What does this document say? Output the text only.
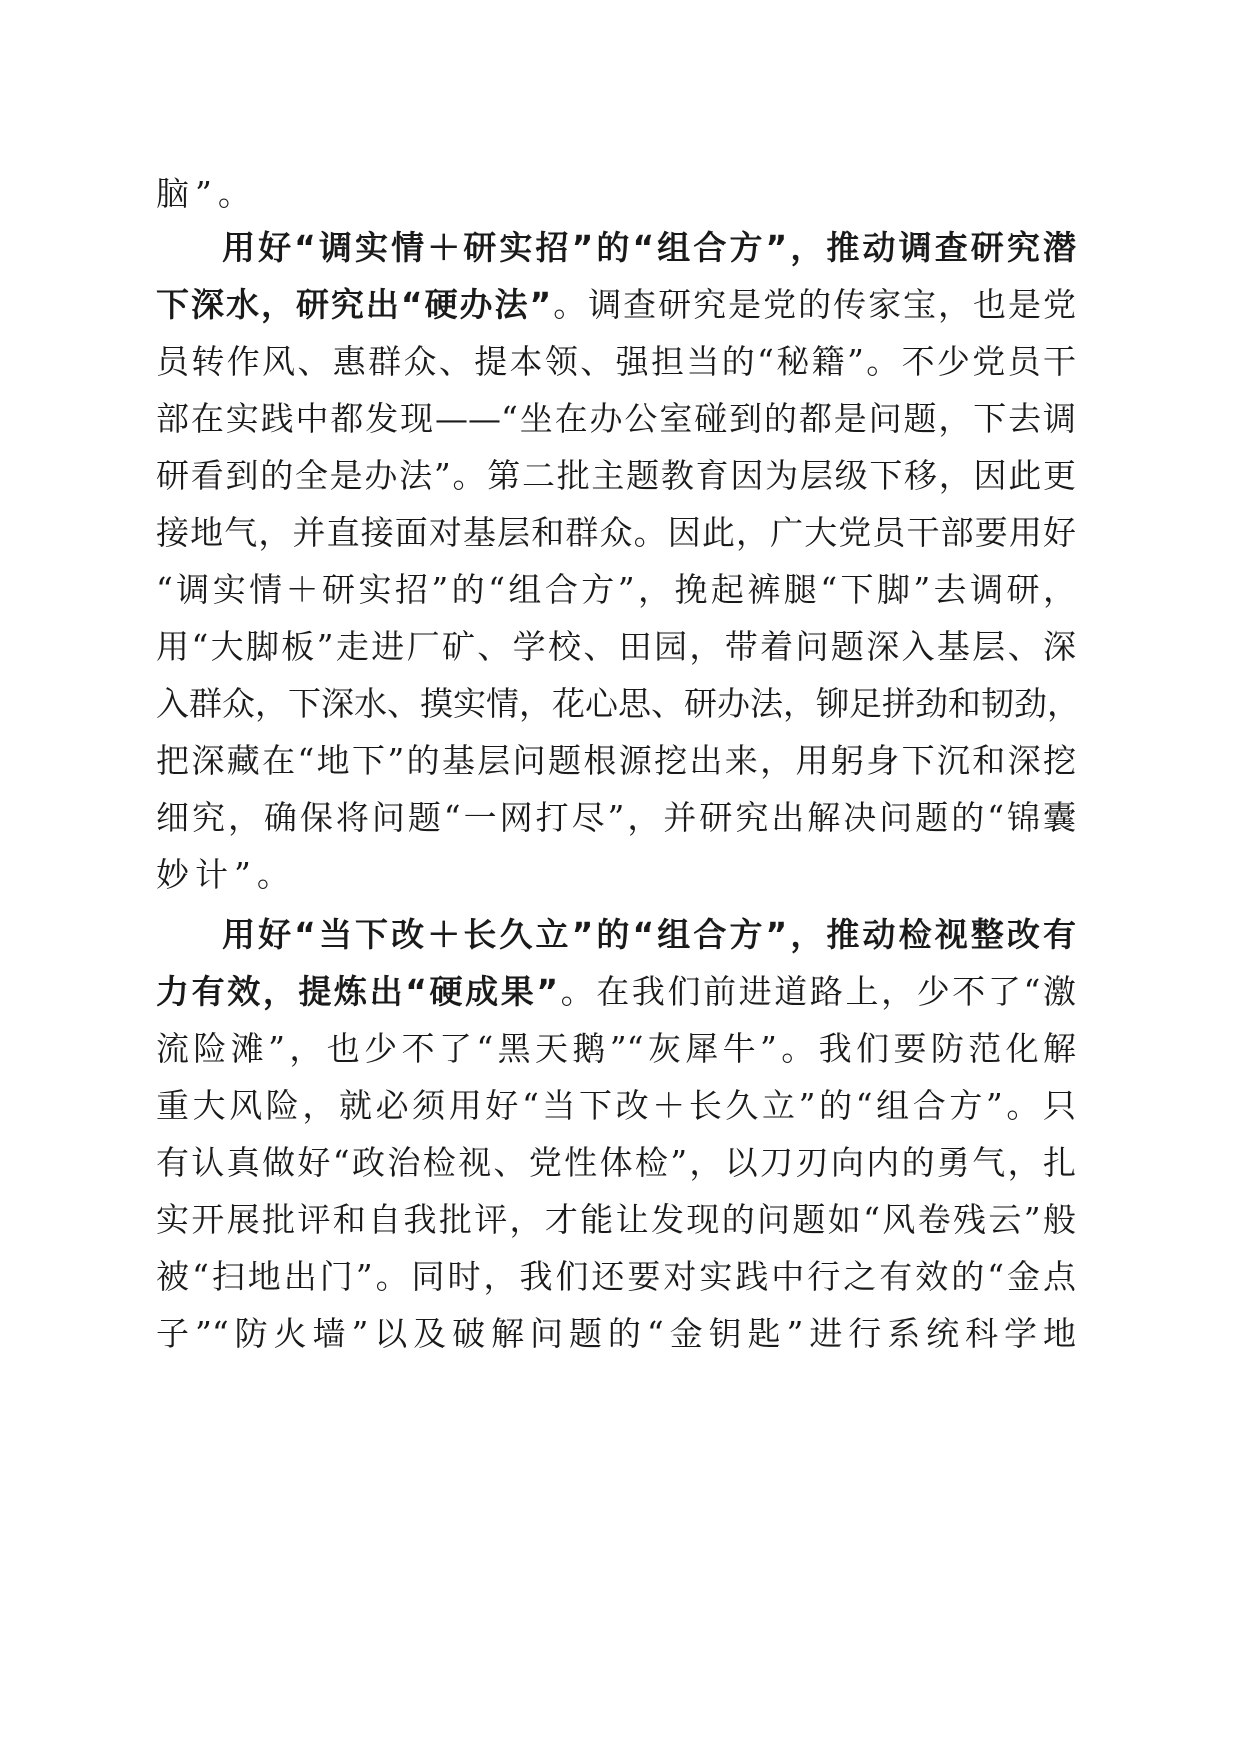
脑”。
用好“调实情＋研实招”的“组合方”，推动调查研究潜
下深水，研究出“硬办法”。调查研究是党的传家宝，也是党
员转作风、惠群众、提本领、强担当的“秘籍”。不少党员干
部在实践中都发现——“坐在办公室碰到的都是问题，下去调
研看到的全是办法”。第二批主题教育因为层级下移，因此更
接地气，并直接面对基层和群众。因此，广大党员干部要用好
“调实情＋研实招”的“组合方”，挽起裤腿“下脚”去调研，
用“大脚板”走进厂矿、学校、田园，带着问题深入基层、深
入群众，下深水、摸实情，花心思、研办法，铆足拼劲和韧劲，
把深藏在“地下”的基层问题根源挖出来，用躬身下沉和深挖
细究，确保将问题“一网打尽”，并研究出解决问题的“锦囊
妙计”。
用好“当下改＋长久立”的“组合方”，推动检视整改有
力有效，提炼出“硬成果”。在我们前进道路上，少不了“激
流险滩”，也少不了“黑天鹅”“灰犀牛”。我们要防范化解
重大风险，就必须用好“当下改＋长久立”的“组合方”。只
有认真做好“政治检视、党性体检”，以刀刃向内的勇气，扎
实开展批评和自我批评，才能让发现的问题如“风卷残云”般
被“扫地出门”。同时，我们还要对实践中行之有效的“金点
子”“防火墙”以及破解问题的“金钥匙”进行系统科学地
